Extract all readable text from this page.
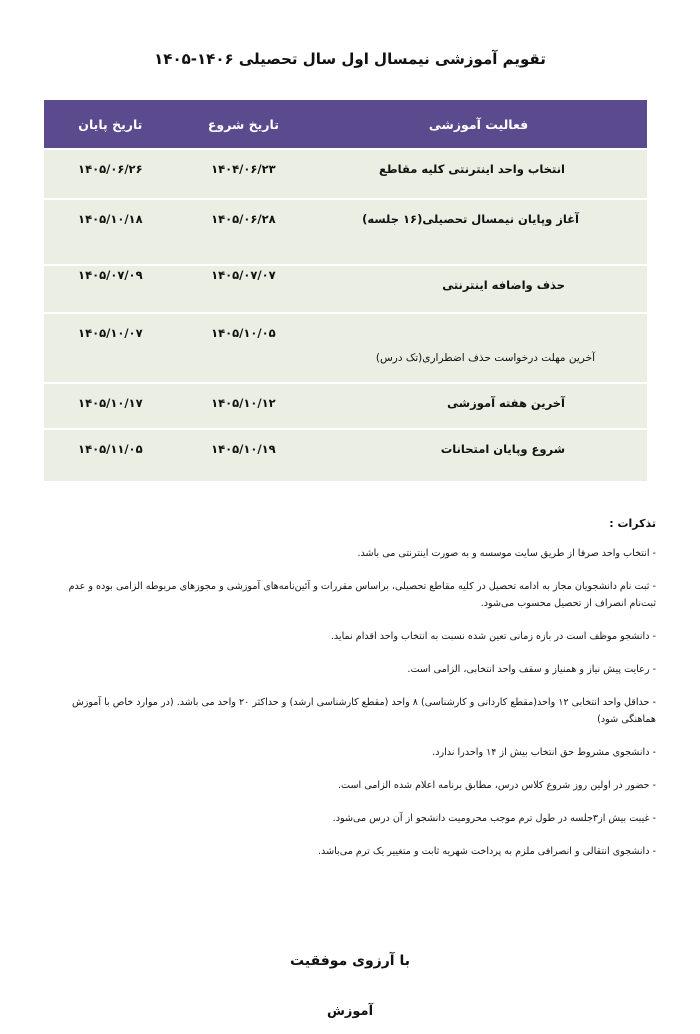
تقویم آموزشی نیمسال اول سال تحصیلی ۱۴۰۶-۱۴۰۵
فعالیت آموزشی	تاریخ شروع	تاریخ پایان

انتخاب واحد اینترنتی کلیه مقاطع	۱۴۰۴/۰۶/۲۳	۱۴۰۵/۰۶/۲۶

آغاز وپایان نیمسال تحصیلی(۱۶ جلسه)	۱۴۰۵/۰۶/۲۸	۱۴۰۵/۱۰/۱۸

حذف واضافه اینترنتی	۱۴۰۵/۰۷/۰۷	۱۴۰۵/۰۷/۰۹

آخرین مهلت درخواست حذف اضطراری(تک درس)	۱۴۰۵/۱۰/۰۵	۱۴۰۵/۱۰/۰۷

آخرین هفته آموزشی	۱۴۰۵/۱۰/۱۲	۱۴۰۵/۱۰/۱۷

شروع وپایان امتحانات	۱۴۰۵/۱۰/۱۹	۱۴۰۵/۱۱/۰۵
تذکرات :

- انتخاب واحد صرفا از طریق سایت موسسه و به صورت اینترنتی می باشد.

- ثبت نام دانشجویان مجاز به ادامه تحصیل در کلیه مقاطع تحصیلی، براساس مقررات و آئین‌نامه‌های آموزشی و مجوزهای مربوطه الزامی بوده و عدم ثبت‌نام انصراف از تحصیل محسوب می‌شود.

- دانشجو موظف است در بازه زمانی تعین شده نسبت به انتخاب واحد اقدام نماید.

- رعایت پیش نیاز و همنیاز و سقف واحد انتخابی، الزامی است.

- حداقل واحد انتخابی ۱۲ واحد(مقطع کاردانی و کارشناسی) ۸ واحد (مقطع کارشناسی ارشد) و حداکثر ۲۰ واحد می باشد. (در موارد خاص با آموزش هماهنگی شود)

- دانشجوی مشروط حق انتخاب بیش از ۱۴ واحدرا ندارد.

- حضور در اولین روز شروع کلاس درس، مطابق برنامه اعلام شده الزامی است.

- غیبت بیش از۳جلسه در طول ترم موجب محرومیت دانشجو از آن درس می‌شود.

- دانشجوی انتقالی و انصرافی ملزم به پرداخت شهریه ثابت و متغییر یک ترم می‌باشد.

با آرزوی موفقیت
آموزش
